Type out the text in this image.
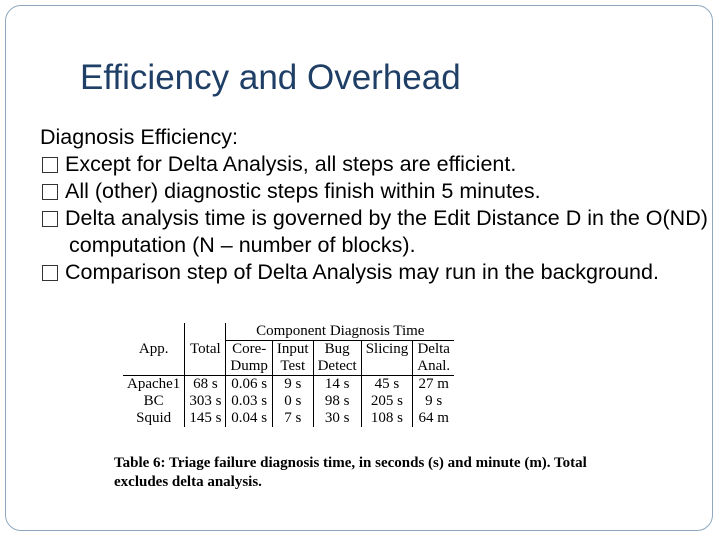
Efficiency and Overhead
Diagnosis Efficiency:
Except for Delta Analysis, all steps are efficient.
All (other) diagnostic steps finish within 5 minutes.
Delta analysis time is governed by the Edit Distance D in the O(ND) computation (N – number of blocks).
Comparison step of Delta Analysis may run in the background.
		Component Diagnosis Time				
App.	Total	Core-	Input	Bug	Slicing	Delta
		Dump	Test	Detect		Anal.
Apache1	68 s	0.06 s	9 s	14 s	45 s	27 m
BC	303 s	0.03 s	0 s	98 s	205 s	9 s
Squid	145 s	0.04 s	7 s	30 s	108 s	64 m
Table 6: Triage failure diagnosis time, in seconds (s) and minute (m). Total excludes delta analysis.
